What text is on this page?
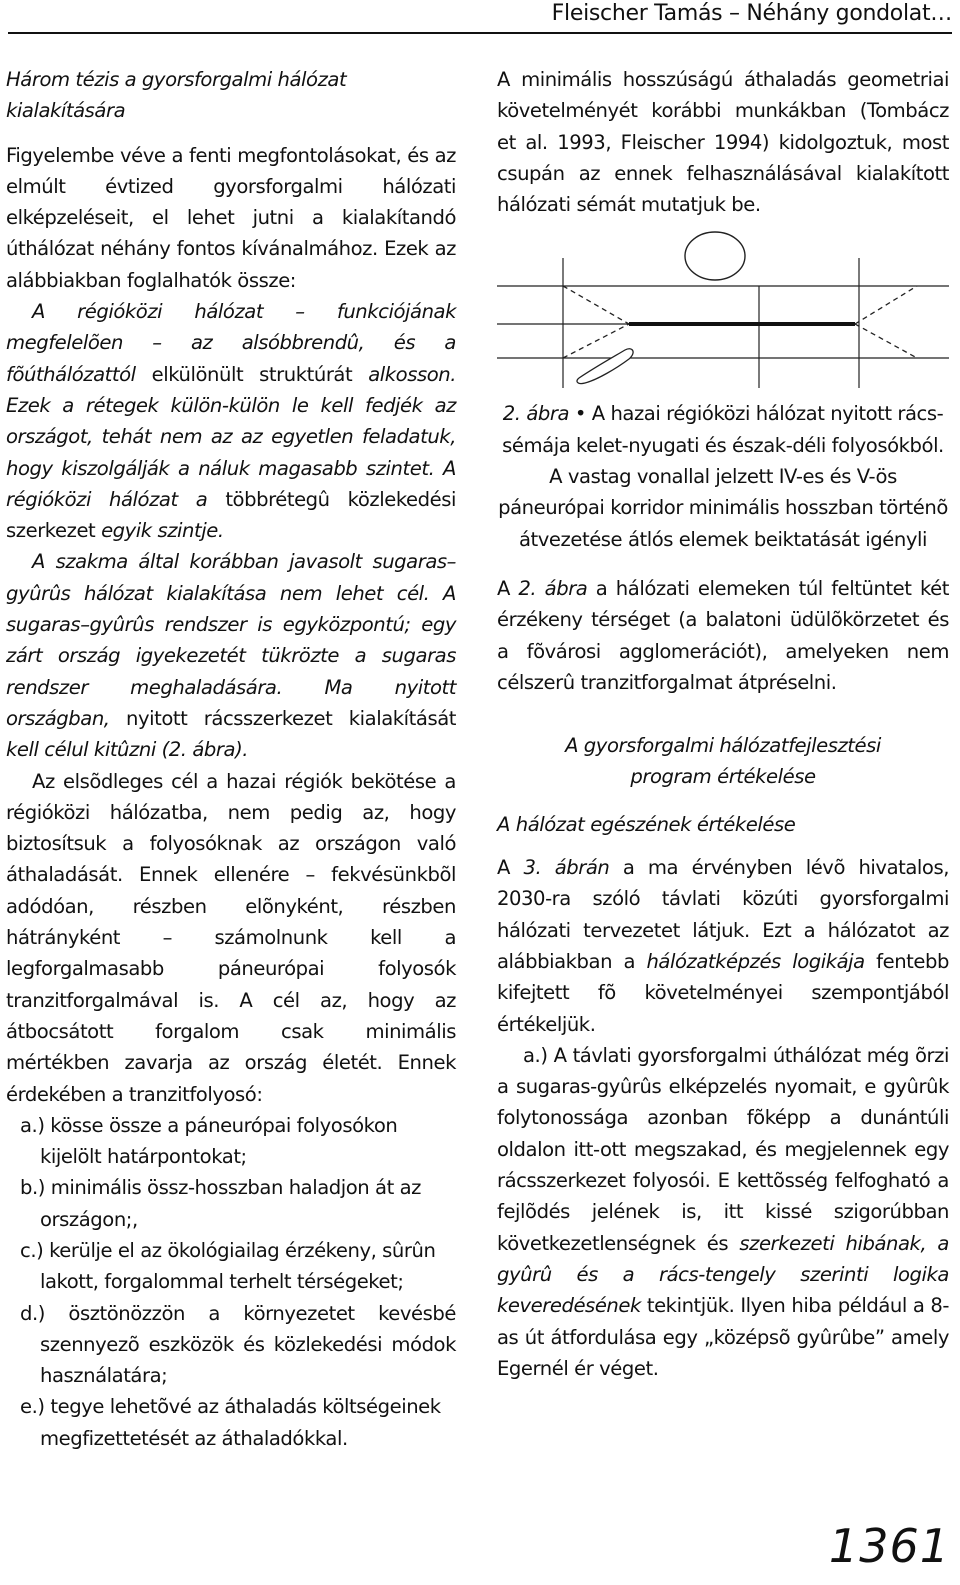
Fleischer Tamás – Néhány gondolat…

Három tézis a gyorsforgalmi hálózat kialakítására

Figyelembe véve a fenti megfontolásokat, és az elmúlt évtized gyorsforgalmi hálózati elképzeléseit, el lehet jutni a kialakítandó úthálózat néhány fontos kívánalmához. Ezek az alábbiakban foglalhatók össze:

A régióközi hálózat – funkciójának megfelelõen – az alsóbbrendû, és a fõúthálózattól elkülönült struktúrát alkosson. Ezek a rétegek külön-külön le kell fedjék az országot, tehát nem az az egyetlen feladatuk, hogy kiszolgálják a náluk magasabb szintet. A régióközi hálózat a többrétegû közlekedési szerkezet egyik szintje.

A szakma által korábban javasolt sugaras–gyûrûs hálózat kialakítása nem lehet cél. A sugaras–gyûrûs rendszer is egyközpontú; egy zárt ország igyekezetét tükrözte a sugaras rendszer meghaladására. Ma nyitott országban, nyitott rácsszerkezet kialakítását kell célul kitûzni (2. ábra).

Az elsõdleges cél a hazai régiók bekötése a régióközi hálózatba, nem pedig az, hogy biztosítsuk a folyosóknak az országon való áthaladását. Ennek ellenére – fekvésünkbõl adódóan, részben elõnyként, részben hátrányként – számolnunk kell a legforgalmasabb páneurópai folyosók tranzitforgalmával is. A cél az, hogy az átbocsátott forgalom csak minimális mértékben zavarja az ország életét. Ennek érdekében a tranzitfolyosó:

a.) kösse össze a páneurópai folyosókon kijelölt határpontokat;

b.) minimális össz-hosszban haladjon át az országon;,

c.) kerülje el az ökológiailag érzékeny, sûrûn lakott, forgalommal terhelt térségeket;

d.) ösztönözzön a környezetet kevésbé szennyezõ eszközök és közlekedési módok használatára;

e.) tegye lehetõvé az áthaladás költségeinek megfizettetését az áthaladókkal.

A minimális hosszúságú áthaladás geometriai követelményét korábbi munkákban (Tombácz et al. 1993, Fleischer 1994) kidolgoztuk, most csupán az ennek felhasználásával kialakított hálózati sémát mutatjuk be.

2. ábra • A hazai régióközi hálózat nyitott rács-sémája kelet-nyugati és észak-déli folyosókból. A vastag vonallal jelzett IV-es és V-ös páneurópai korridor minimális hosszban történõ átvezetése átlós elemek beiktatását igényli

A 2. ábra a hálózati elemeken túl feltüntet két érzékeny térséget (a balatoni üdülõkörzetet és a fõvárosi agglomerációt), amelyeken nem célszerû tranzitforgalmat átpréselni.

A gyorsforgalmi hálózatfejlesztési program értékelése

A hálózat egészének értékelése

A 3. ábrán a ma érvényben lévõ hivatalos, 2030-ra szóló távlati közúti gyorsforgalmi hálózati tervezetet látjuk. Ezt a hálózatot az alábbiakban a hálózatképzés logikája fentebb kifejtett fõ követelményei szempontjából értékeljük.

a.) A távlati gyorsforgalmi úthálózat még õrzi a sugaras-gyûrûs elképzelés nyomait, e gyûrûk folytonossága azonban fõképp a dunántúli oldalon itt-ott megszakad, és megjelennek egy rácsszerkezet folyosói. E kettõsség felfogható a fejlõdés jelének is, itt kissé szigorúbban következetlenségnek és szerkezeti hibának, a gyûrû és a rács-tengely szerinti logika keveredésének tekintjük. Ilyen hiba például a 8-as út átfordulása egy „középsõ gyûrûbe” amely Egernél ér véget.

1361
